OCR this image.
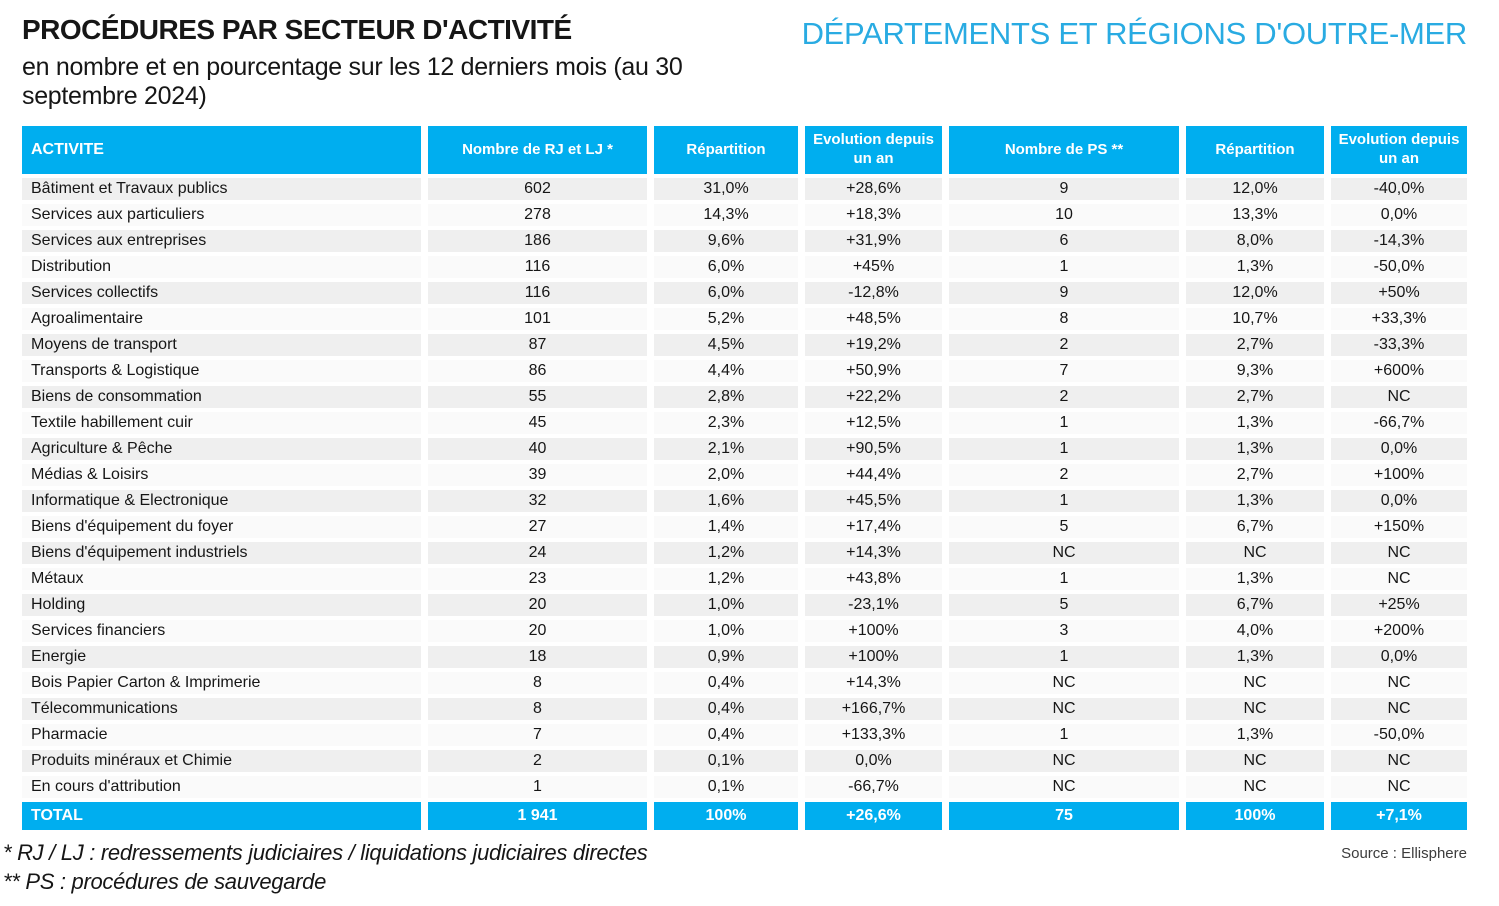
PROCÉDURES PAR SECTEUR D'ACTIVITÉ
en nombre et en pourcentage sur les 12 derniers mois (au 30 septembre 2024)
DÉPARTEMENTS ET RÉGIONS D'OUTRE-MER
ACTIVITE	Nombre de RJ et LJ *	Répartition	Evolution depuis un an	Nombre de PS **	Répartition	Evolution depuis un an
Bâtiment et Travaux publics	602	31,0%	+28,6%	9	12,0%	-40,0%
Services aux particuliers	278	14,3%	+18,3%	10	13,3%	0,0%
Services aux entreprises	186	9,6%	+31,9%	6	8,0%	-14,3%
Distribution	116	6,0%	+45%	1	1,3%	-50,0%
Services collectifs	116	6,0%	-12,8%	9	12,0%	+50%
Agroalimentaire	101	5,2%	+48,5%	8	10,7%	+33,3%
Moyens de transport	87	4,5%	+19,2%	2	2,7%	-33,3%
Transports & Logistique	86	4,4%	+50,9%	7	9,3%	+600%
Biens de consommation	55	2,8%	+22,2%	2	2,7%	NC
Textile habillement cuir	45	2,3%	+12,5%	1	1,3%	-66,7%
Agriculture & Pêche	40	2,1%	+90,5%	1	1,3%	0,0%
Médias & Loisirs	39	2,0%	+44,4%	2	2,7%	+100%
Informatique & Electronique	32	1,6%	+45,5%	1	1,3%	0,0%
Biens d'équipement du foyer	27	1,4%	+17,4%	5	6,7%	+150%
Biens d'équipement industriels	24	1,2%	+14,3%	NC	NC	NC
Métaux	23	1,2%	+43,8%	1	1,3%	NC
Holding	20	1,0%	-23,1%	5	6,7%	+25%
Services financiers	20	1,0%	+100%	3	4,0%	+200%
Energie	18	0,9%	+100%	1	1,3%	0,0%
Bois Papier Carton & Imprimerie	8	0,4%	+14,3%	NC	NC	NC
Télecommunications	8	0,4%	+166,7%	NC	NC	NC
Pharmacie	7	0,4%	+133,3%	1	1,3%	-50,0%
Produits minéraux et Chimie	2	0,1%	0,0%	NC	NC	NC
En cours d'attribution	1	0,1%	-66,7%	NC	NC	NC
TOTAL	1 941	100%	+26,6%	75	100%	+7,1%
* RJ / LJ : redressements judiciaires / liquidations judiciaires directes
** PS : procédures de sauvegarde
Source : Ellisphere
